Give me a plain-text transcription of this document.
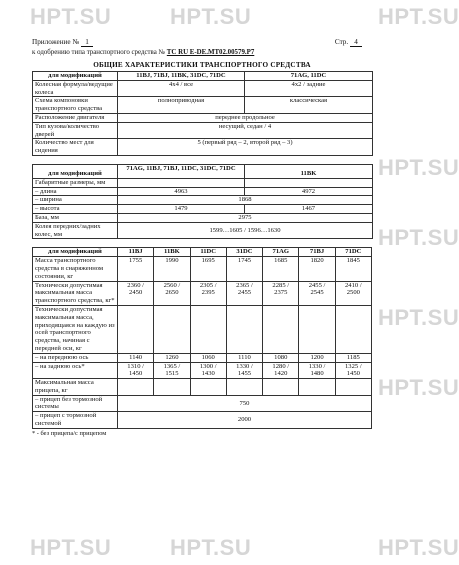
HPT.SU	HPT.SU	HPT.SU
HPT.SU
HPT.SU
HPT.SU
HPT.SU
HPT.SU	HPT.SU	HPT.SU
Приложение № 1	Стр. 4
к одобрению типа транспортного средства № TC RU E-DE.MT02.00579.P7
ОБЩИЕ ХАРАКТЕРИСТИКИ ТРАНСПОРТНОГО СРЕДСТВА
для модификаций	11BJ, 71BJ, 11BK, 31DC, 71DC	71AG, 11DC
Колесная формула/ведущие колеса	4x4 / все	4x2 / задние
Схема компоновки транспортного средства	полноприводная	классическая
Расположение двигателя	переднее продольное	
Тип кузова/количество дверей	несущий, седан / 4	
Количество мест для сидения	5 (первый ряд – 2, второй ряд – 3)	
для модификаций	71AG, 11BJ, 71BJ, 11DC, 31DC, 71DC	11BK
Габаритные размеры, мм		
– длина	4963	4972
– ширина	1868	
– высота	1479	1467
База, мм	2975	
Колея передних/задних колес, мм	1599…1605 / 1596…1630	
для модификаций	11BJ	11BK	11DC	31DC	71AG	71BJ	71DC
Масса транспортного средства в снаряженном состоянии, кг	1755	1990	1695	1745	1685	1820	1845
Технически допустимая максимальная масса транспортного средства, кг*	2360 / 2450	2560 / 2650	2305 / 2395	2365 / 2455	2285 / 2375	2455 / 2545	2410 / 2500
Технически допустимая максимальная масса, приходящаяся на каждую из осей транспортного средства, начиная с передней оси, кг							
– на переднюю ось	1140	1260	1060	1110	1080	1200	1185
– на заднюю ось*	1310 / 1450	1365 / 1515	1300 / 1430	1330 / 1455	1280 / 1420	1330 / 1480	1325 / 1450
Максимальная масса прицепа, кг							
– прицеп без тормозной системы	750						
– прицеп с тормозной системой	2000						
* - без прицепа/с прицепом
